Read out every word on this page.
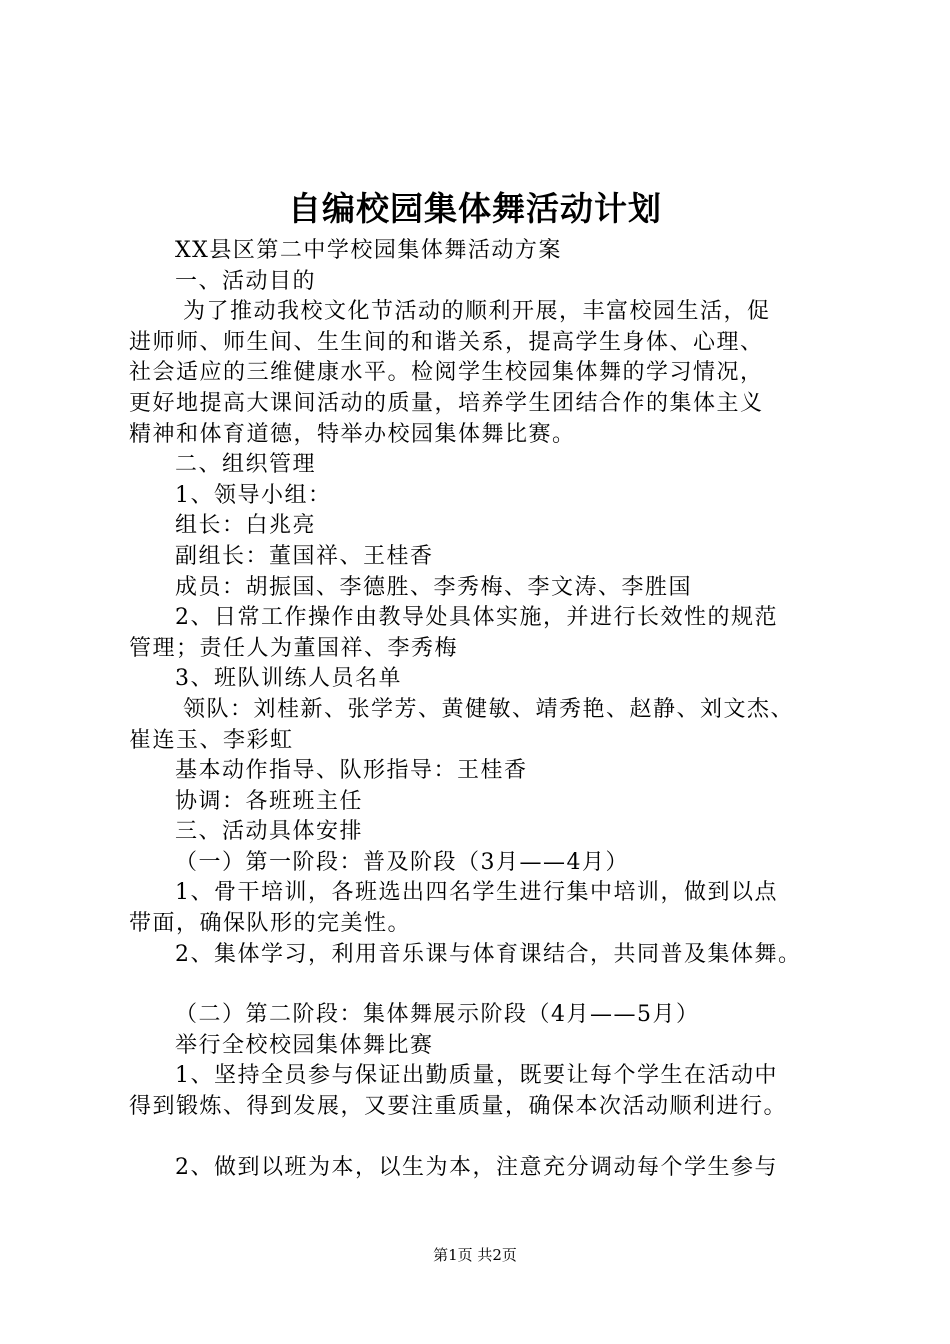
自编校园集体舞活动计划
XX县区第二中学校园集体舞活动方案
一、活动目的
为了推动我校文化节活动的顺利开展，丰富校园生活，促
进师师、师生间、生生间的和谐关系，提高学生身体、心理、
社会适应的三维健康水平。检阅学生校园集体舞的学习情况，
更好地提高大课间活动的质量，培养学生团结合作的集体主义
精神和体育道德，特举办校园集体舞比赛。
二、组织管理
1、领导小组：
组长：白兆亮
副组长：董国祥、王桂香
成员：胡振国、李德胜、李秀梅、李文涛、李胜国
2、日常工作操作由教导处具体实施，并进行长效性的规范
管理；责任人为董国祥、李秀梅
3、班队训练人员名单
领队：刘桂新、张学芳、黄健敏、靖秀艳、赵静、刘文杰、
崔连玉、李彩虹
基本动作指导、队形指导：王桂香
协调：各班班主任
三、活动具体安排
（一）第一阶段：普及阶段（3月——4月）
1、骨干培训，各班选出四名学生进行集中培训，做到以点
带面，确保队形的完美性。
2、集体学习，利用音乐课与体育课结合，共同普及集体舞。
（二）第二阶段：集体舞展示阶段（4月——5月）
举行全校校园集体舞比赛
1、坚持全员参与保证出勤质量，既要让每个学生在活动中
得到锻炼、得到发展，又要注重质量，确保本次活动顺利进行。
2、做到以班为本，以生为本，注意充分调动每个学生参与
第1页 共2页
